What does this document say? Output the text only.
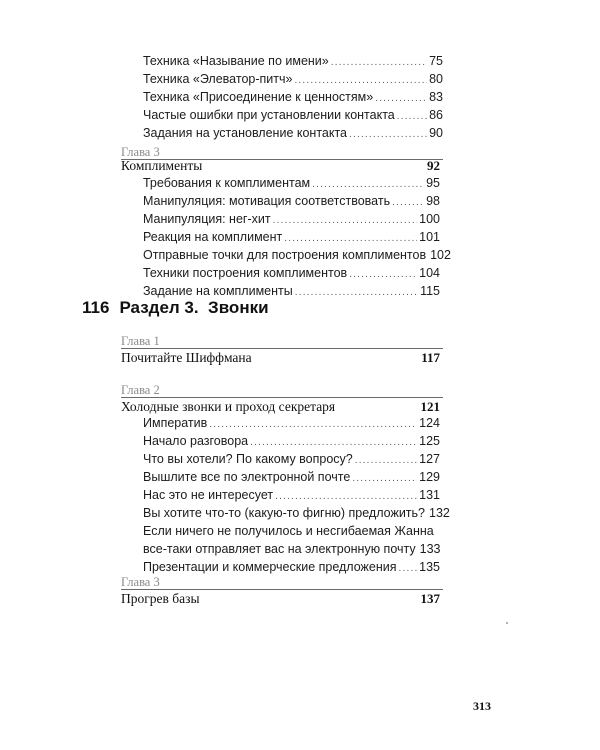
Техника «Называние по имени» .....	75
Техника «Элеватор-питч» .....	80
Техника «Присоединение к ценностям» .....	83
Частые ошибки при установлении контакта .....	86
Задания на установление контакта .....	90
Глава 3
Комплименты	92
Требования к комплиментам .....	95
Манипуляция: мотивация соответствовать .....	98
Манипуляция: нег-хит .....	100
Реакция на комплимент .....	101
Отправные точки для построения комплиментов 102
Техники построения комплиментов .....	104
Задание на комплименты .....	115
116 Раздел 3.  Звонки
Глава 1
Почитайте Шиффмана	117
Глава 2
Холодные звонки и проход секретаря	121
Императив .....	124
Начало разговора .....	125
Что вы хотели? По какому вопросу? .....	127
Вышлите все по электронной почте .....	129
Нас это не интересует .....	131
Вы хотите что-то (какую-то фигню) предложить? 132
Если ничего не получилось и несгибаемая Жанна
все-таки отправляет вас на электронную почту 133
Презентации и коммерческие предложения ..... 135
Глава 3
Прогрев базы	137
313
